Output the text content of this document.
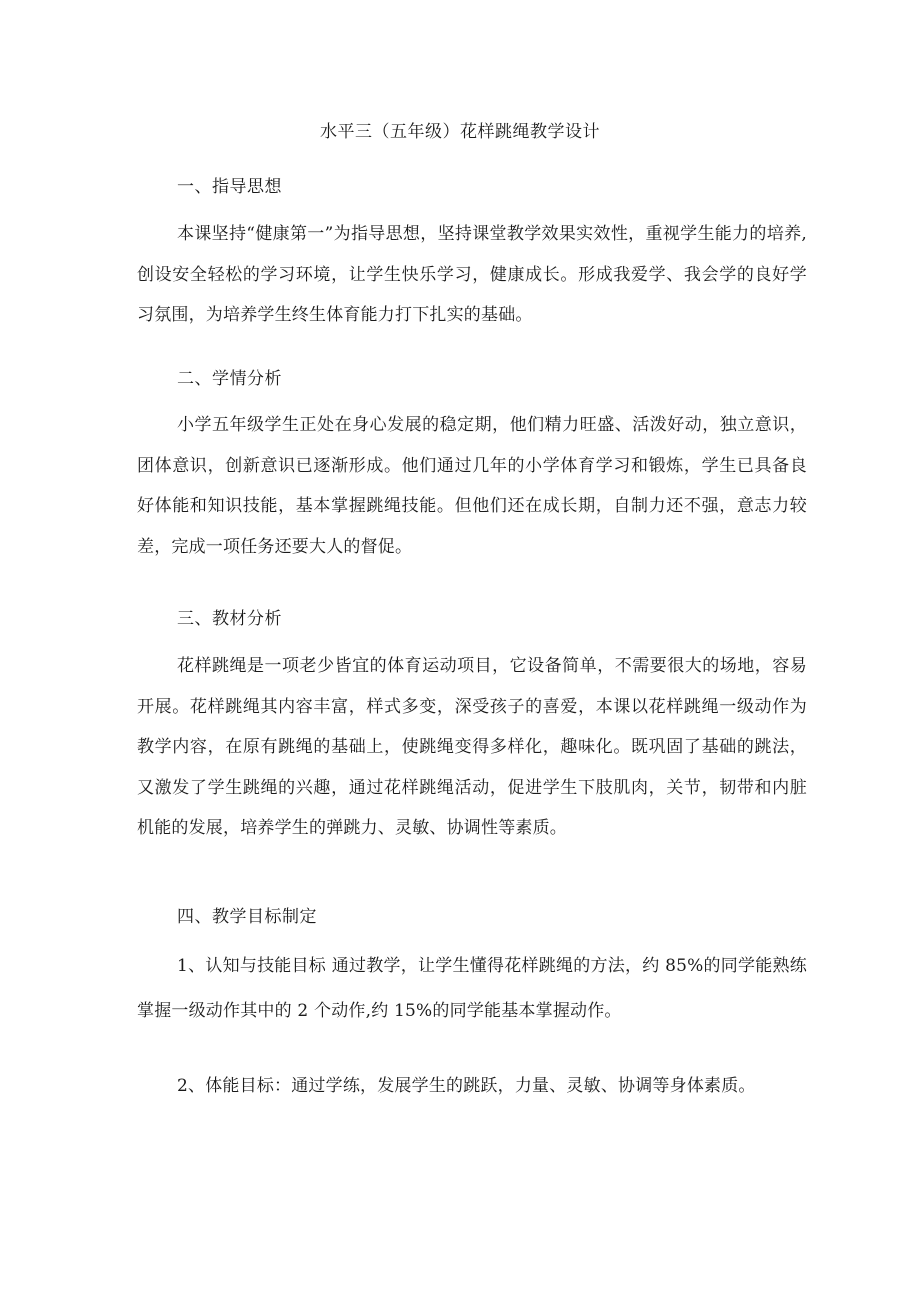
水平三（五年级）花样跳绳教学设计
一、指导思想

本课坚持“健康第一”为指导思想，坚持课堂教学效果实效性，重视学生能力的培养,创设安全轻松的学习环境，让学生快乐学习，健康成长。形成我爱学、我会学的良好学习氛围，为培养学生终生体育能力打下扎实的基础。

二、学情分析

小学五年级学生正处在身心发展的稳定期，他们精力旺盛、活泼好动，独立意识，团体意识，创新意识已逐渐形成。他们通过几年的小学体育学习和锻炼，学生已具备良好体能和知识技能，基本掌握跳绳技能。但他们还在成长期，自制力还不强，意志力较差，完成一项任务还要大人的督促。

三、教材分析

花样跳绳是一项老少皆宜的体育运动项目，它设备简单，不需要很大的场地，容易开展。花样跳绳其内容丰富，样式多变，深受孩子的喜爱，本课以花样跳绳一级动作为教学内容，在原有跳绳的基础上，使跳绳变得多样化，趣味化。既巩固了基础的跳法，又激发了学生跳绳的兴趣，通过花样跳绳活动，促进学生下肢肌肉，关节，韧带和内脏机能的发展，培养学生的弹跳力、灵敏、协调性等素质。

四、教学目标制定

1、认知与技能目标 通过教学，让学生懂得花样跳绳的方法，约 85%的同学能熟练掌握一级动作其中的 2 个动作,约 15%的同学能基本掌握动作。

2、体能目标：通过学练，发展学生的跳跃，力量、灵敏、协调等身体素质。
